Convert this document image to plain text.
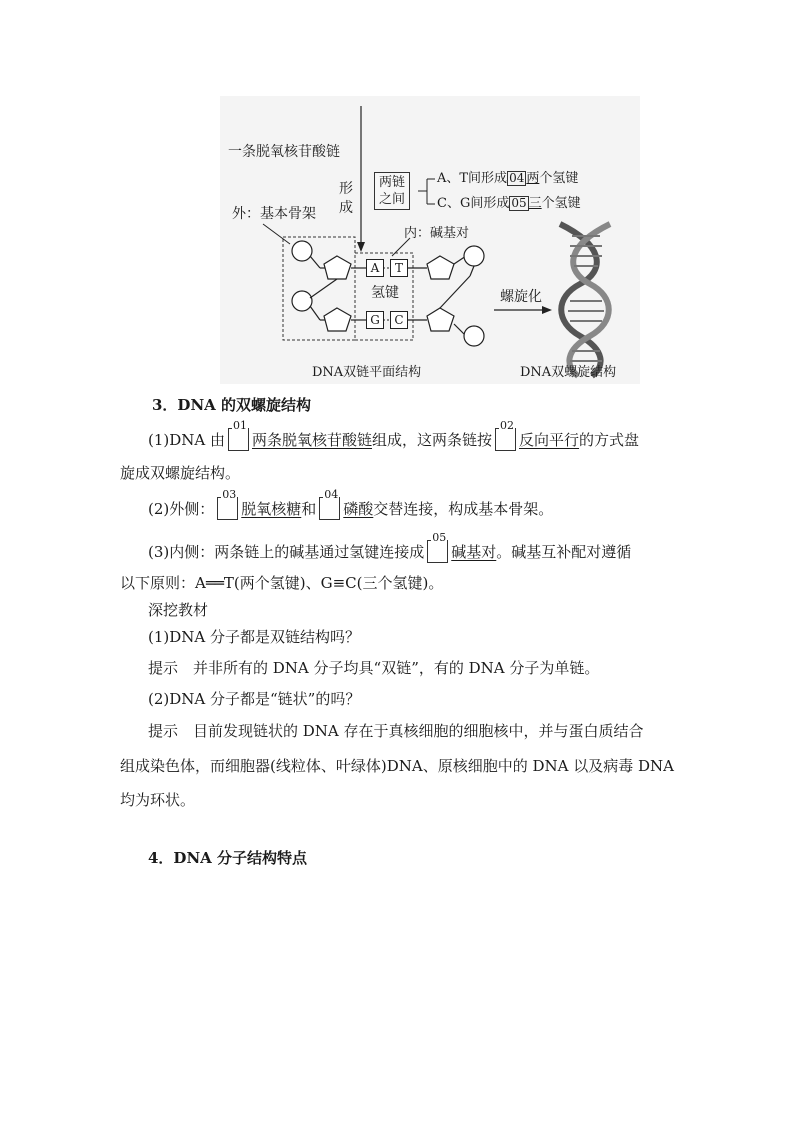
一条脱氧核苷酸链
形成
外：基本骨架
内：碱基对
两链之间
A、T间形成 04 两个氢键
C、G间形成 05 三个氢键
A	T
氢键
G	C
螺旋化
DNA双链平面结构	DNA双螺旋结构
3．DNA 的双螺旋结构
(1)DNA 由
01
两条脱氧核苷酸链组成，这两条链按
02
反向平行的方式盘
旋成双螺旋结构。
(2)外侧：
03
脱氧核糖和
04
磷酸交替连接，构成基本骨架。
(3)内侧：两条链上的碱基通过氢键连接成
05
碱基对。碱基互补配对遵循
以下原则：A══T(两个氢键)、G≡C(三个氢键)。
深挖教材
(1)DNA 分子都是双链结构吗？
提示　并非所有的 DNA 分子均具“双链”，有的 DNA 分子为单链。
(2)DNA 分子都是“链状”的吗？
提示　目前发现链状的 DNA 存在于真核细胞的细胞核中，并与蛋白质结合
组成染色体，而细胞器(线粒体、叶绿体)DNA、原核细胞中的 DNA 以及病毒 DNA
均为环状。
4．DNA 分子结构特点
